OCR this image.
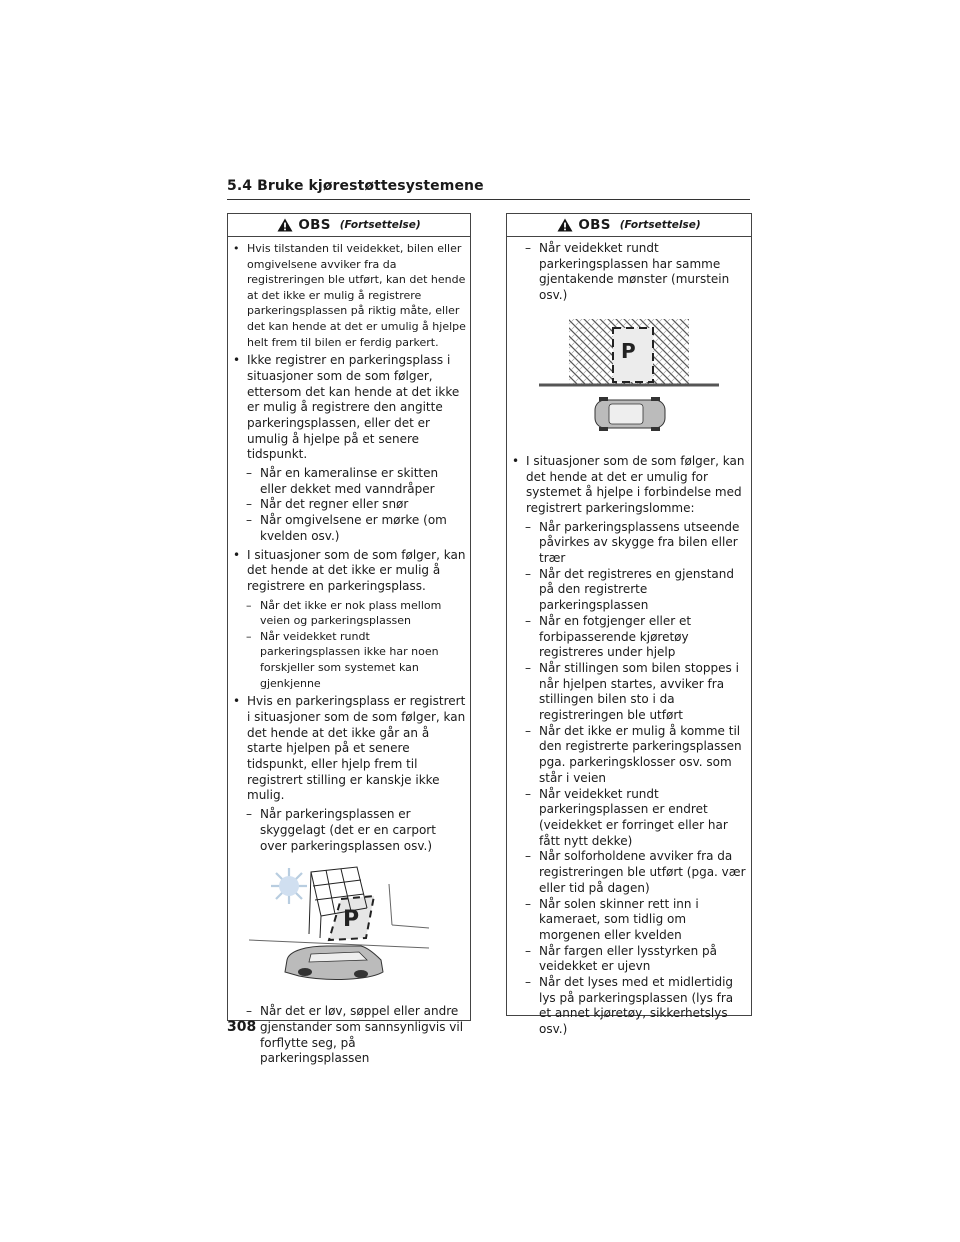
5.4 Bruke kjørestøttesystemene
OBS (Fortsettelse)
• Hvis tilstanden til veidekket, bilen eller omgivelsene avviker fra da registreringen ble utført, kan det hende at det ikke er mulig å registrere parkeringsplassen på riktig måte, eller det kan hende at det er umulig å hjelpe helt frem til bilen er ferdig parkert.
• Ikke registrer en parkeringsplass i situasjoner som de som følger, ettersom det kan hende at det ikke er mulig å registrere den angitte parkeringsplassen, eller det er umulig å hjelpe på et senere tidspunkt.
– Når en kameralinse er skitten eller dekket med vanndråper
– Når det regner eller snør
– Når omgivelsene er mørke (om kvelden osv.)
• I situasjoner som de som følger, kan det hende at det ikke er mulig å registrere en parkeringsplass.
– Når det ikke er nok plass mellom veien og parkeringsplassen
– Når veidekket rundt parkeringsplassen ikke har noen forskjeller som systemet kan gjenkjenne
• Hvis en parkeringsplass er registrert i situasjoner som de som følger, kan det hende at det ikke går an å starte hjelpen på et senere tidspunkt, eller hjelp frem til registrert stilling er kanskje ikke mulig.
– Når parkeringsplassen er skyggelagt (det er en carport over parkeringsplassen osv.)
P
– Når det er løv, søppel eller andre gjenstander som sannsynligvis vil forflytte seg, på parkeringsplassen
OBS (Fortsettelse)
– Når veidekket rundt parkeringsplassen har samme gjentakende mønster (murstein osv.)
P
• I situasjoner som de som følger, kan det hende at det er umulig for systemet å hjelpe i forbindelse med registrert parkeringslomme:
– Når parkeringsplassens utseende påvirkes av skygge fra bilen eller trær
– Når det registreres en gjenstand på den registrerte parkeringsplassen
– Når en fotgjenger eller et forbipasserende kjøretøy registreres under hjelp
– Når stillingen som bilen stoppes i når hjelpen startes, avviker fra stillingen bilen sto i da registreringen ble utført
– Når det ikke er mulig å komme til den registrerte parkeringsplassen pga. parkeringsklosser osv. som står i veien
– Når veidekket rundt parkeringsplassen er endret (veidekket er forringet eller har fått nytt dekke)
– Når solforholdene avviker fra da registreringen ble utført (pga. vær eller tid på dagen)
– Når solen skinner rett inn i kameraet, som tidlig om morgenen eller kvelden
– Når fargen eller lysstyrken på veidekket er ujevn
– Når det lyses med et midlertidig lys på parkeringsplassen (lys fra et annet kjøretøy, sikkerhetslys osv.)
308
